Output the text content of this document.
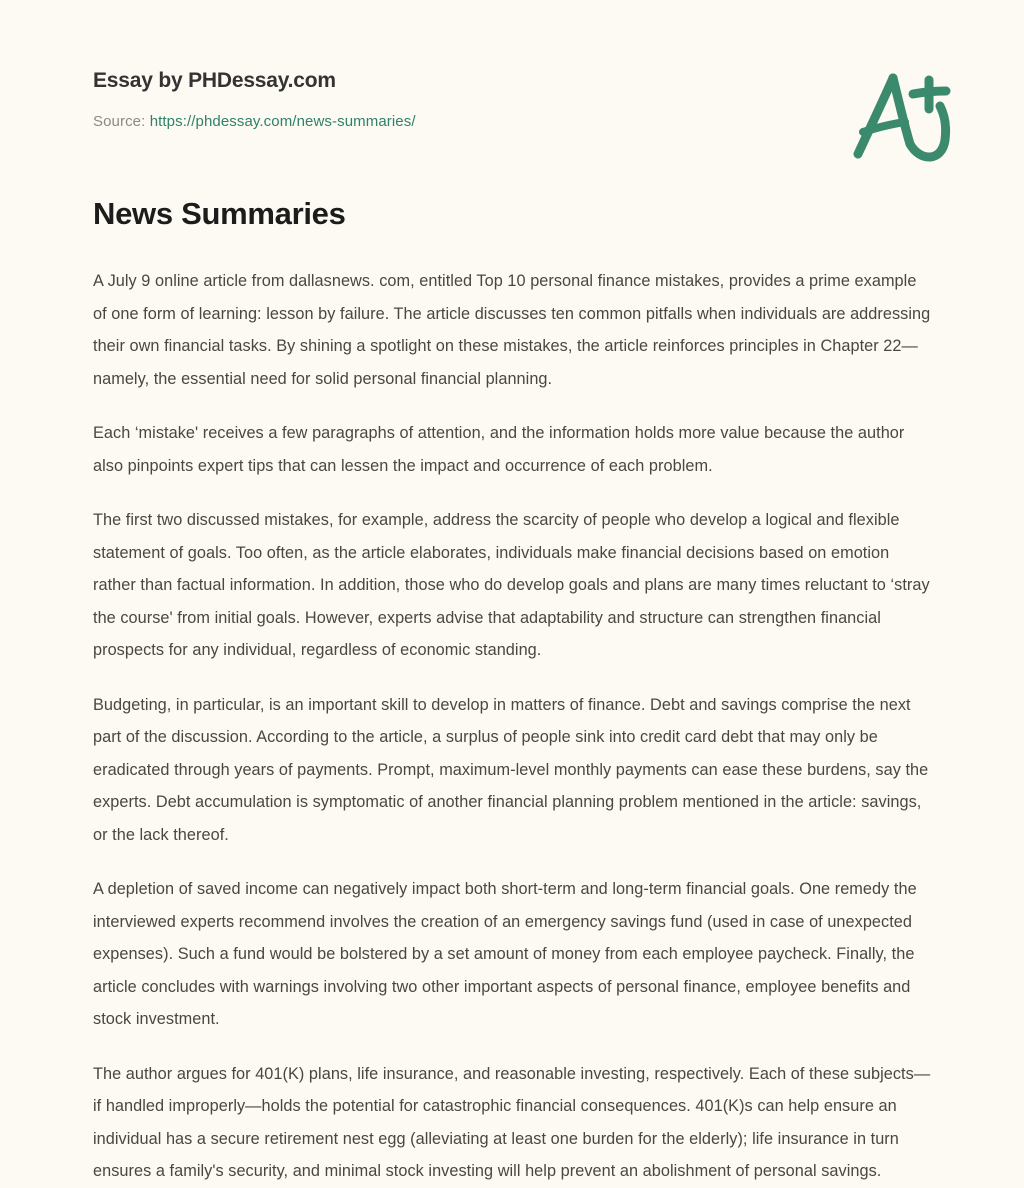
Essay by PHDessay.com
Source: https://phdessay.com/news-summaries/
News Summaries

A July 9 online article from dallasnews. com, entitled Top 10 personal finance mistakes, provides a prime example of one form of learning: lesson by failure. The article discusses ten common pitfalls when individuals are addressing their own financial tasks. By shining a spotlight on these mistakes, the article reinforces principles in Chapter 22—namely, the essential need for solid personal financial planning.

Each ‘mistake' receives a few paragraphs of attention, and the information holds more value because the author also pinpoints expert tips that can lessen the impact and occurrence of each problem.

The first two discussed mistakes, for example, address the scarcity of people who develop a logical and flexible statement of goals. Too often, as the article elaborates, individuals make financial decisions based on emotion rather than factual information. In addition, those who do develop goals and plans are many times reluctant to ‘stray the course' from initial goals. However, experts advise that adaptability and structure can strengthen financial prospects for any individual, regardless of economic standing.

Budgeting, in particular, is an important skill to develop in matters of finance. Debt and savings comprise the next part of the discussion. According to the article, a surplus of people sink into credit card debt that may only be eradicated through years of payments. Prompt, maximum-level monthly payments can ease these burdens, say the experts. Debt accumulation is symptomatic of another financial planning problem mentioned in the article: savings, or the lack thereof.

A depletion of saved income can negatively impact both short-term and long-term financial goals. One remedy the interviewed experts recommend involves the creation of an emergency savings fund (used in case of unexpected expenses). Such a fund would be bolstered by a set amount of money from each employee paycheck. Finally, the article concludes with warnings involving two other important aspects of personal finance, employee benefits and stock investment.

The author argues for 401(K) plans, life insurance, and reasonable investing, respectively. Each of these subjects—if handled improperly—holds the potential for catastrophic financial consequences. 401(K)s can help ensure an individual has a secure retirement nest egg (alleviating at least one burden for the elderly); life insurance in turn ensures a family's security, and minimal stock investing will help prevent an abolishment of personal savings.
